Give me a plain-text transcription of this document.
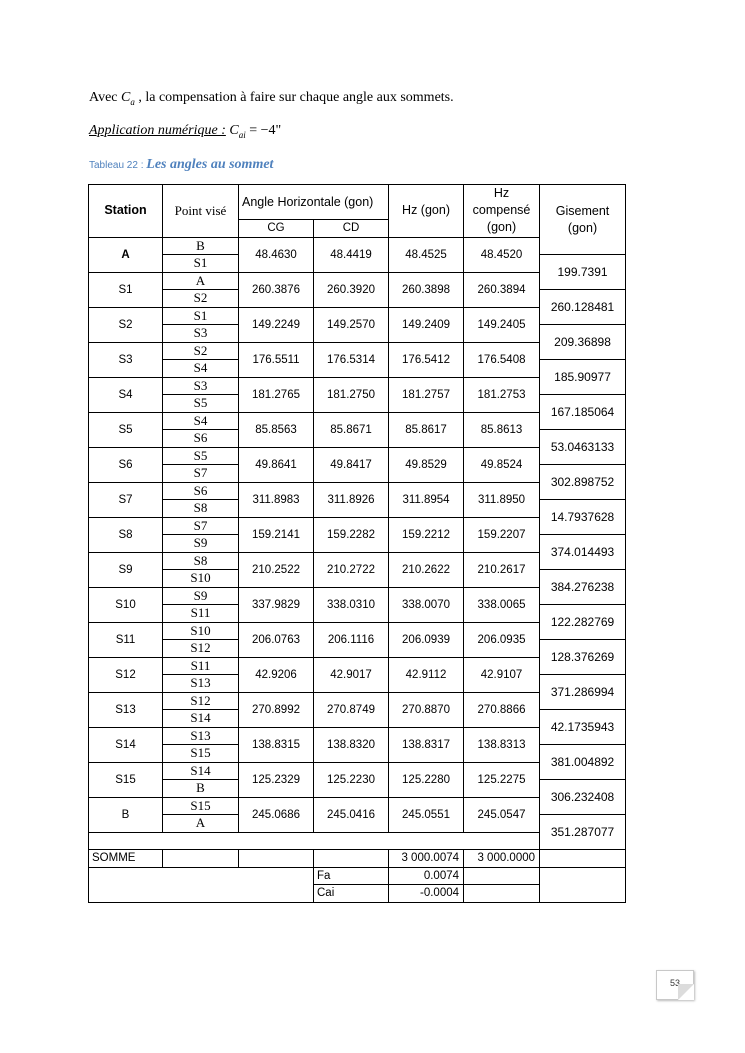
Avec $C_a$ , la compensation à faire sur chaque angle aux sommets.
Application numérique : $C_{ai} = -4$"
Tableau 22 : Les angles au sommet
Station	Point visé	Angle Horizontale (gon)		Hz (gon)	Hz compensé (gon)	Gisement (gon)
		CG	CD			
A	B	48.4630	48.4419	48.4525	48.4520	
	S1					199.7391
S1	A	260.3876	260.3920	260.3898	260.3894	
	S2					260.128481
S2	S1	149.2249	149.2570	149.2409	149.2405	
	S3					209.36898
S3	S2	176.5511	176.5314	176.5412	176.5408	
	S4					185.90977
S4	S3	181.2765	181.2750	181.2757	181.2753	
	S5					167.185064
S5	S4	85.8563	85.8671	85.8617	85.8613	
	S6					53.0463133
S6	S5	49.8641	49.8417	49.8529	49.8524	
	S7					302.898752
S7	S6	311.8983	311.8926	311.8954	311.8950	
	S8					14.7937628
S8	S7	159.2141	159.2282	159.2212	159.2207	
	S9					374.014493
S9	S8	210.2522	210.2722	210.2622	210.2617	
	S10					384.276238
S10	S9	337.9829	338.0310	338.0070	338.0065	
	S11					122.282769
S11	S10	206.0763	206.1116	206.0939	206.0935	
	S12					128.376269
S12	S11	42.9206	42.9017	42.9112	42.9107	
	S13					371.286994
S13	S12	270.8992	270.8749	270.8870	270.8866	
	S14					42.1735943
S14	S13	138.8315	138.8320	138.8317	138.8313	
	S15					381.004892
S15	S14	125.2329	125.2230	125.2280	125.2275	
	B					306.232408
B	S15	245.0686	245.0416	245.0551	245.0547	
	A					351.287077

SOMME				3 000.0074	3 000.0000	
			Fa	0.0074		
			Cai	-0.0004		
53
